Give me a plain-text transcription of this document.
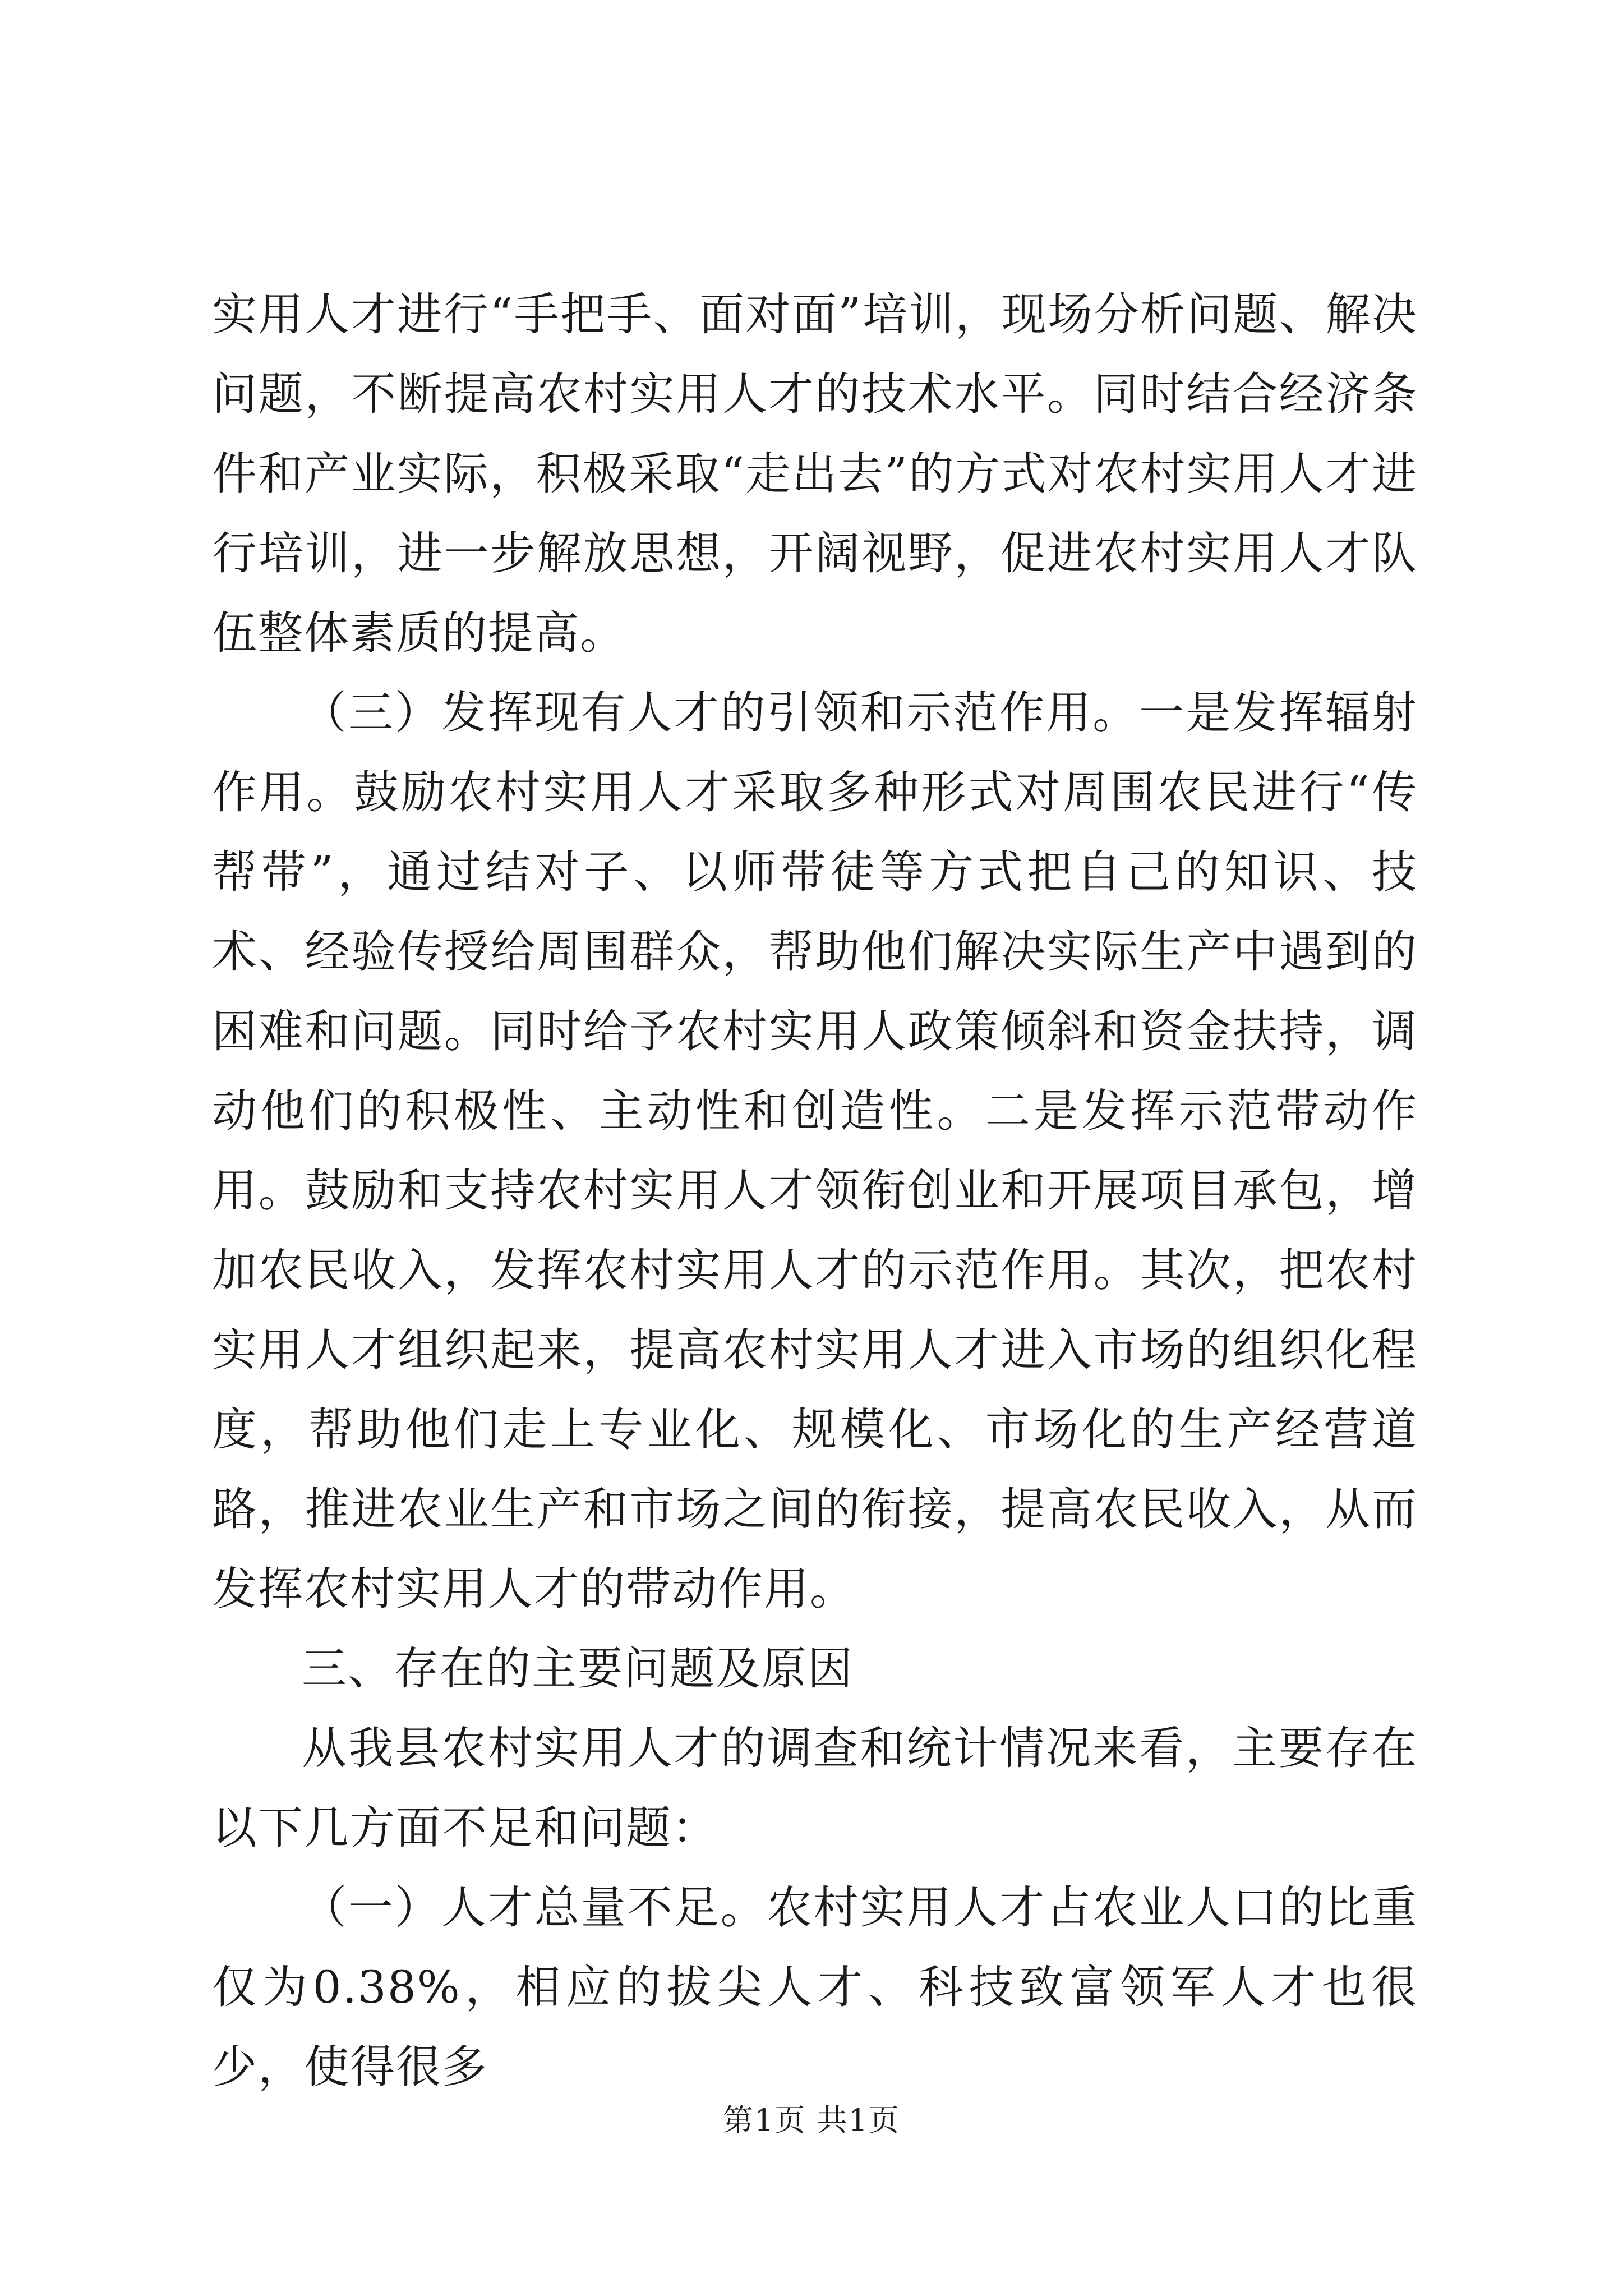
实用人才进行“手把手、面对面”培训，现场分析问题、解决问题，不断提高农村实用人才的技术水平。同时结合经济条件和产业实际，积极采取“走出去”的方式对农村实用人才进行培训，进一步解放思想，开阔视野，促进农村实用人才队伍整体素质的提高。

（三）发挥现有人才的引领和示范作用。一是发挥辐射作用。鼓励农村实用人才采取多种形式对周围农民进行“传帮带”，通过结对子、以师带徒等方式把自己的知识、技术、经验传授给周围群众，帮助他们解决实际生产中遇到的困难和问题。同时给予农村实用人政策倾斜和资金扶持，调动他们的积极性、主动性和创造性。二是发挥示范带动作用。鼓励和支持农村实用人才领衔创业和开展项目承包，增加农民收入，发挥农村实用人才的示范作用。其次，把农村实用人才组织起来，提高农村实用人才进入市场的组织化程度，帮助他们走上专业化、规模化、市场化的生产经营道路，推进农业生产和市场之间的衔接，提高农民收入，从而发挥农村实用人才的带动作用。

三、存在的主要问题及原因

从我县农村实用人才的调查和统计情况来看，主要存在以下几方面不足和问题：

（一）人才总量不足。农村实用人才占农业人口的比重仅为0.38%，相应的拔尖人才、科技致富领军人才也很少，使得很多

第1页 共1页
